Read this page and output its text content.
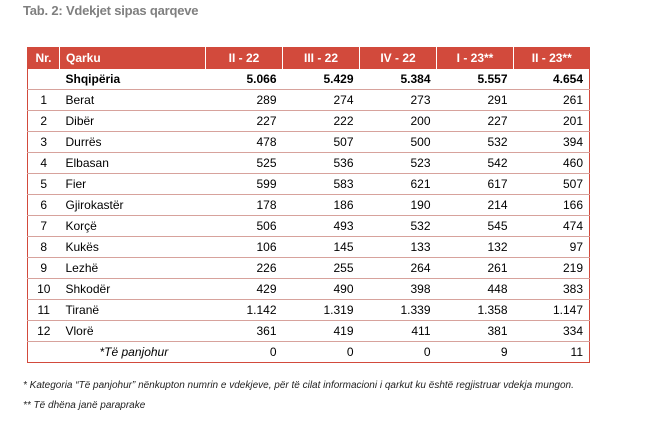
Tab. 2: Vdekjet sipas qarqeve
Nr.	Qarku	II - 22	III - 22	IV - 22	I - 23**	II - 23**
	Shqipëria	5.066	5.429	5.384	5.557	4.654
1	Berat	289	274	273	291	261
2	Dibër	227	222	200	227	201
3	Durrës	478	507	500	532	394
4	Elbasan	525	536	523	542	460
5	Fier	599	583	621	617	507
6	Gjirokastër	178	186	190	214	166
7	Korçë	506	493	532	545	474
8	Kukës	106	145	133	132	97
9	Lezhë	226	255	264	261	219
10	Shkodër	429	490	398	448	383
11	Tiranë	1.142	1.319	1.339	1.358	1.147
12	Vlorë	361	419	411	381	334
	*Të panjohur	0	0	0	9	11
* Kategoria “Të panjohur” nënkupton numrin e vdekjeve, për të cilat informacioni i qarkut ku është regjistruar vdekja mungon.
** Të dhëna janë paraprake
